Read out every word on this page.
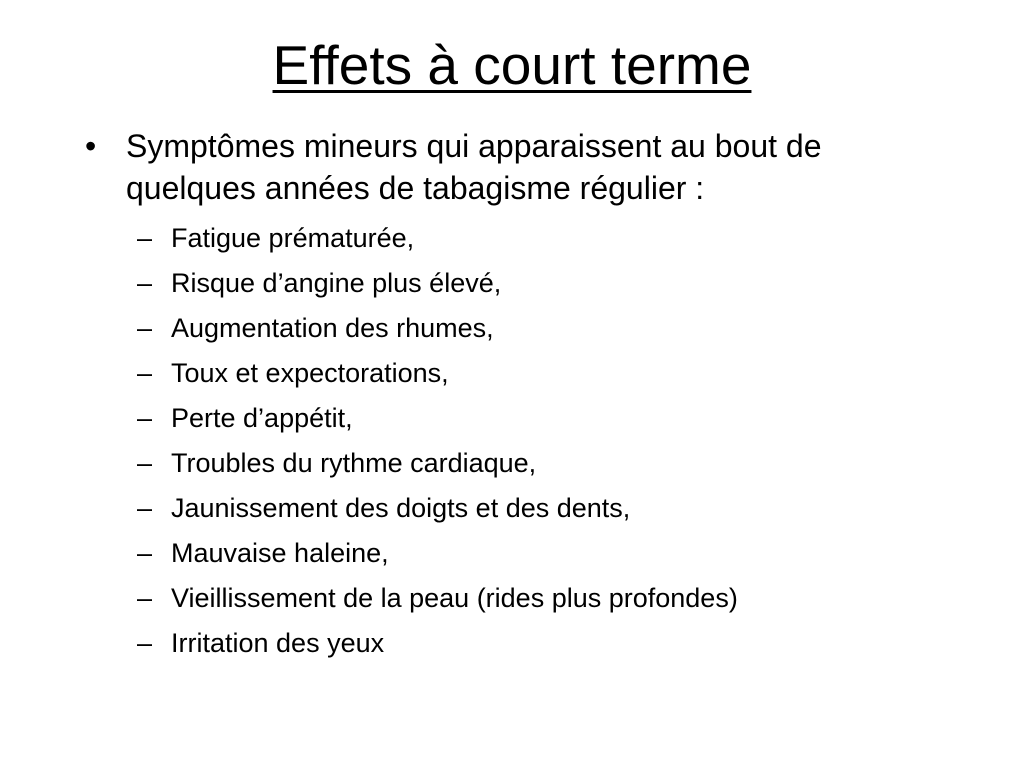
Effets à court terme
• Symptômes mineurs qui apparaissent au bout de quelques années de tabagisme régulier :
– Fatigue prématurée,
– Risque d’angine plus élevé,
– Augmentation des rhumes,
– Toux et expectorations,
– Perte d’appétit,
– Troubles du rythme cardiaque,
– Jaunissement des doigts et des dents,
– Mauvaise haleine,
– Vieillissement de la peau (rides plus profondes)
– Irritation des yeux
